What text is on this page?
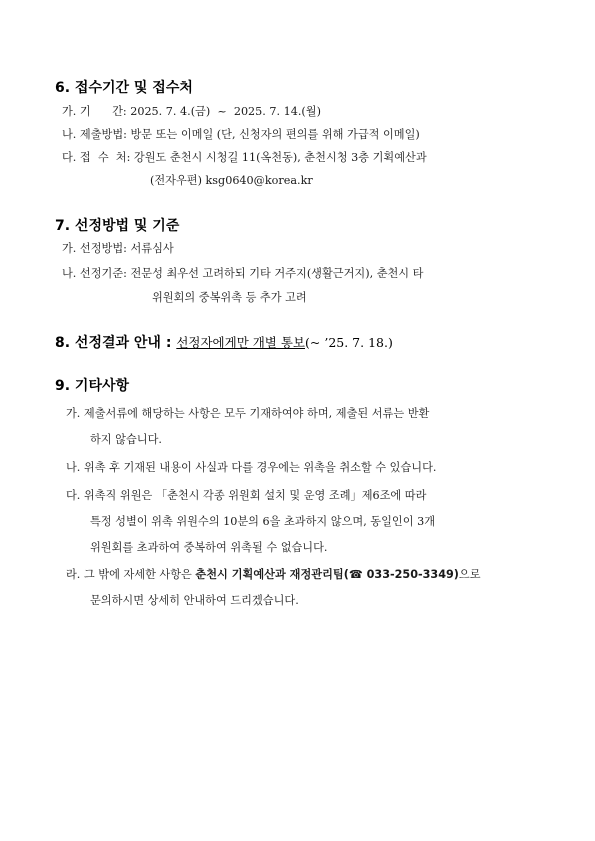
6. 접수기간 및 접수처
가. 기      간: 2025. 7. 4.(금)  ~  2025. 7. 14.(월)
나. 제출방법: 방문 또는 이메일 (단, 신청자의 편의를 위해 가급적 이메일)
다. 접  수  처: 강원도 춘천시 시청길 11(옥천동), 춘천시청 3층 기획예산과
(전자우편) ksg0640@korea.kr
7. 선정방법 및 기준
가. 선정방법: 서류심사
나. 선정기준: 전문성 최우선 고려하되 기타 거주지(생활근거지), 춘천시 타
위원회의 중복위촉 등 추가 고려
8. 선정결과 안내 : 선정자에게만 개별 통보(~ ’25. 7. 18.)
9. 기타사항
가. 제출서류에 해당하는 사항은 모두 기재하여야 하며, 제출된 서류는 반환
하지 않습니다.
나. 위촉 후 기재된 내용이 사실과 다를 경우에는 위촉을 취소할 수 있습니다.
다. 위촉직 위원은 「춘천시 각종 위원회 설치 및 운영 조례」제6조에 따라
특정 성별이 위촉 위원수의 10분의 6을 초과하지 않으며, 동일인이 3개
위원회를 초과하여 중복하여 위촉될 수 없습니다.
라. 그 밖에 자세한 사항은 춘천시 기획예산과 재정관리팀(☎ 033-250-3349)으로
문의하시면 상세히 안내하여 드리겠습니다.
